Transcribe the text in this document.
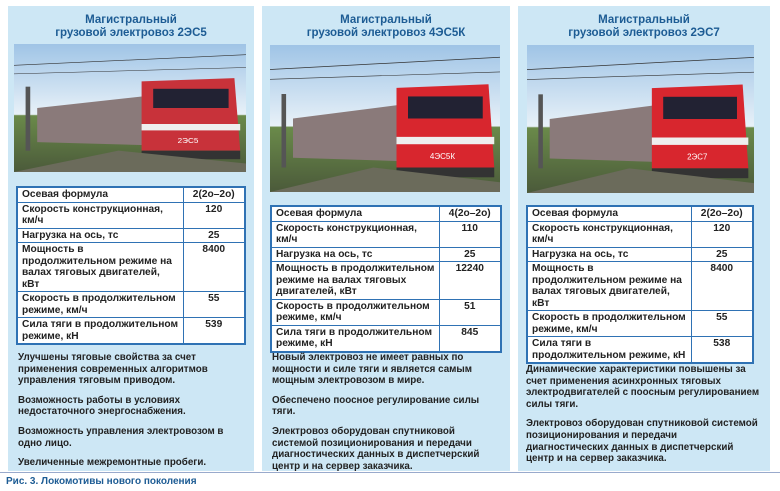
Магистральный
грузовой электровоз 2ЭС5
2ЭС5
Осевая формула	2(2о–2о)
Скорость конструкционная, км/ч	120
Нагрузка на ось, тс	25
Мощность в продолжительном режиме на валах тяговых двигателей, кВт	8400
Скорость в продолжительном режиме, км/ч	55
Сила тяги в продолжительном режиме, кН	539

Улучшены тяговые свойства за счет применения современных алгоритмов управления тяговым приводом.

Возможность работы в условиях недостаточного энергоснабжения.

Возможность управления электровозом в одно лицо.

Увеличенные межремонтные пробеги.

Магистральный
грузовой электровоз 4ЭС5К
4ЭС5К
Осевая формула	4(2о–2о)
Скорость конструкционная, км/ч	110
Нагрузка на ось, тс	25
Мощность в продолжительном режиме на валах тяговых двигателей, кВт	12240
Скорость в продолжительном режиме, км/ч	51
Сила тяги в продолжительном режиме, кН	845

Новый электровоз не имеет равных по мощности и силе тяги и является самым мощным электровозом в мире.

Обеспечено поосное регулирование силы тяги.

Электровоз оборудован спутниковой системой позиционирования и передачи диагностических данных в диспетчерский центр и на сервер заказчика.

Магистральный
грузовой электровоз 2ЭС7
2ЭС7
Осевая формула	2(2о–2о)
Скорость конструкционная, км/ч	120
Нагрузка на ось, тс	25
Мощность в продолжительном режиме на валах тяговых двигателей, кВт	8400
Скорость в продолжительном режиме, км/ч	55
Сила тяги в продолжительном режиме, кН	538

Динамические характеристики повышены за счет применения асинхронных тяговых электродвигателей с поосным регулированием силы тяги.

Электровоз оборудован спутниковой системой позиционирования и передачи диагностических данных в диспетчерский центр и на сервер заказчика.

Рис. 3. Локомотивы нового поколения
